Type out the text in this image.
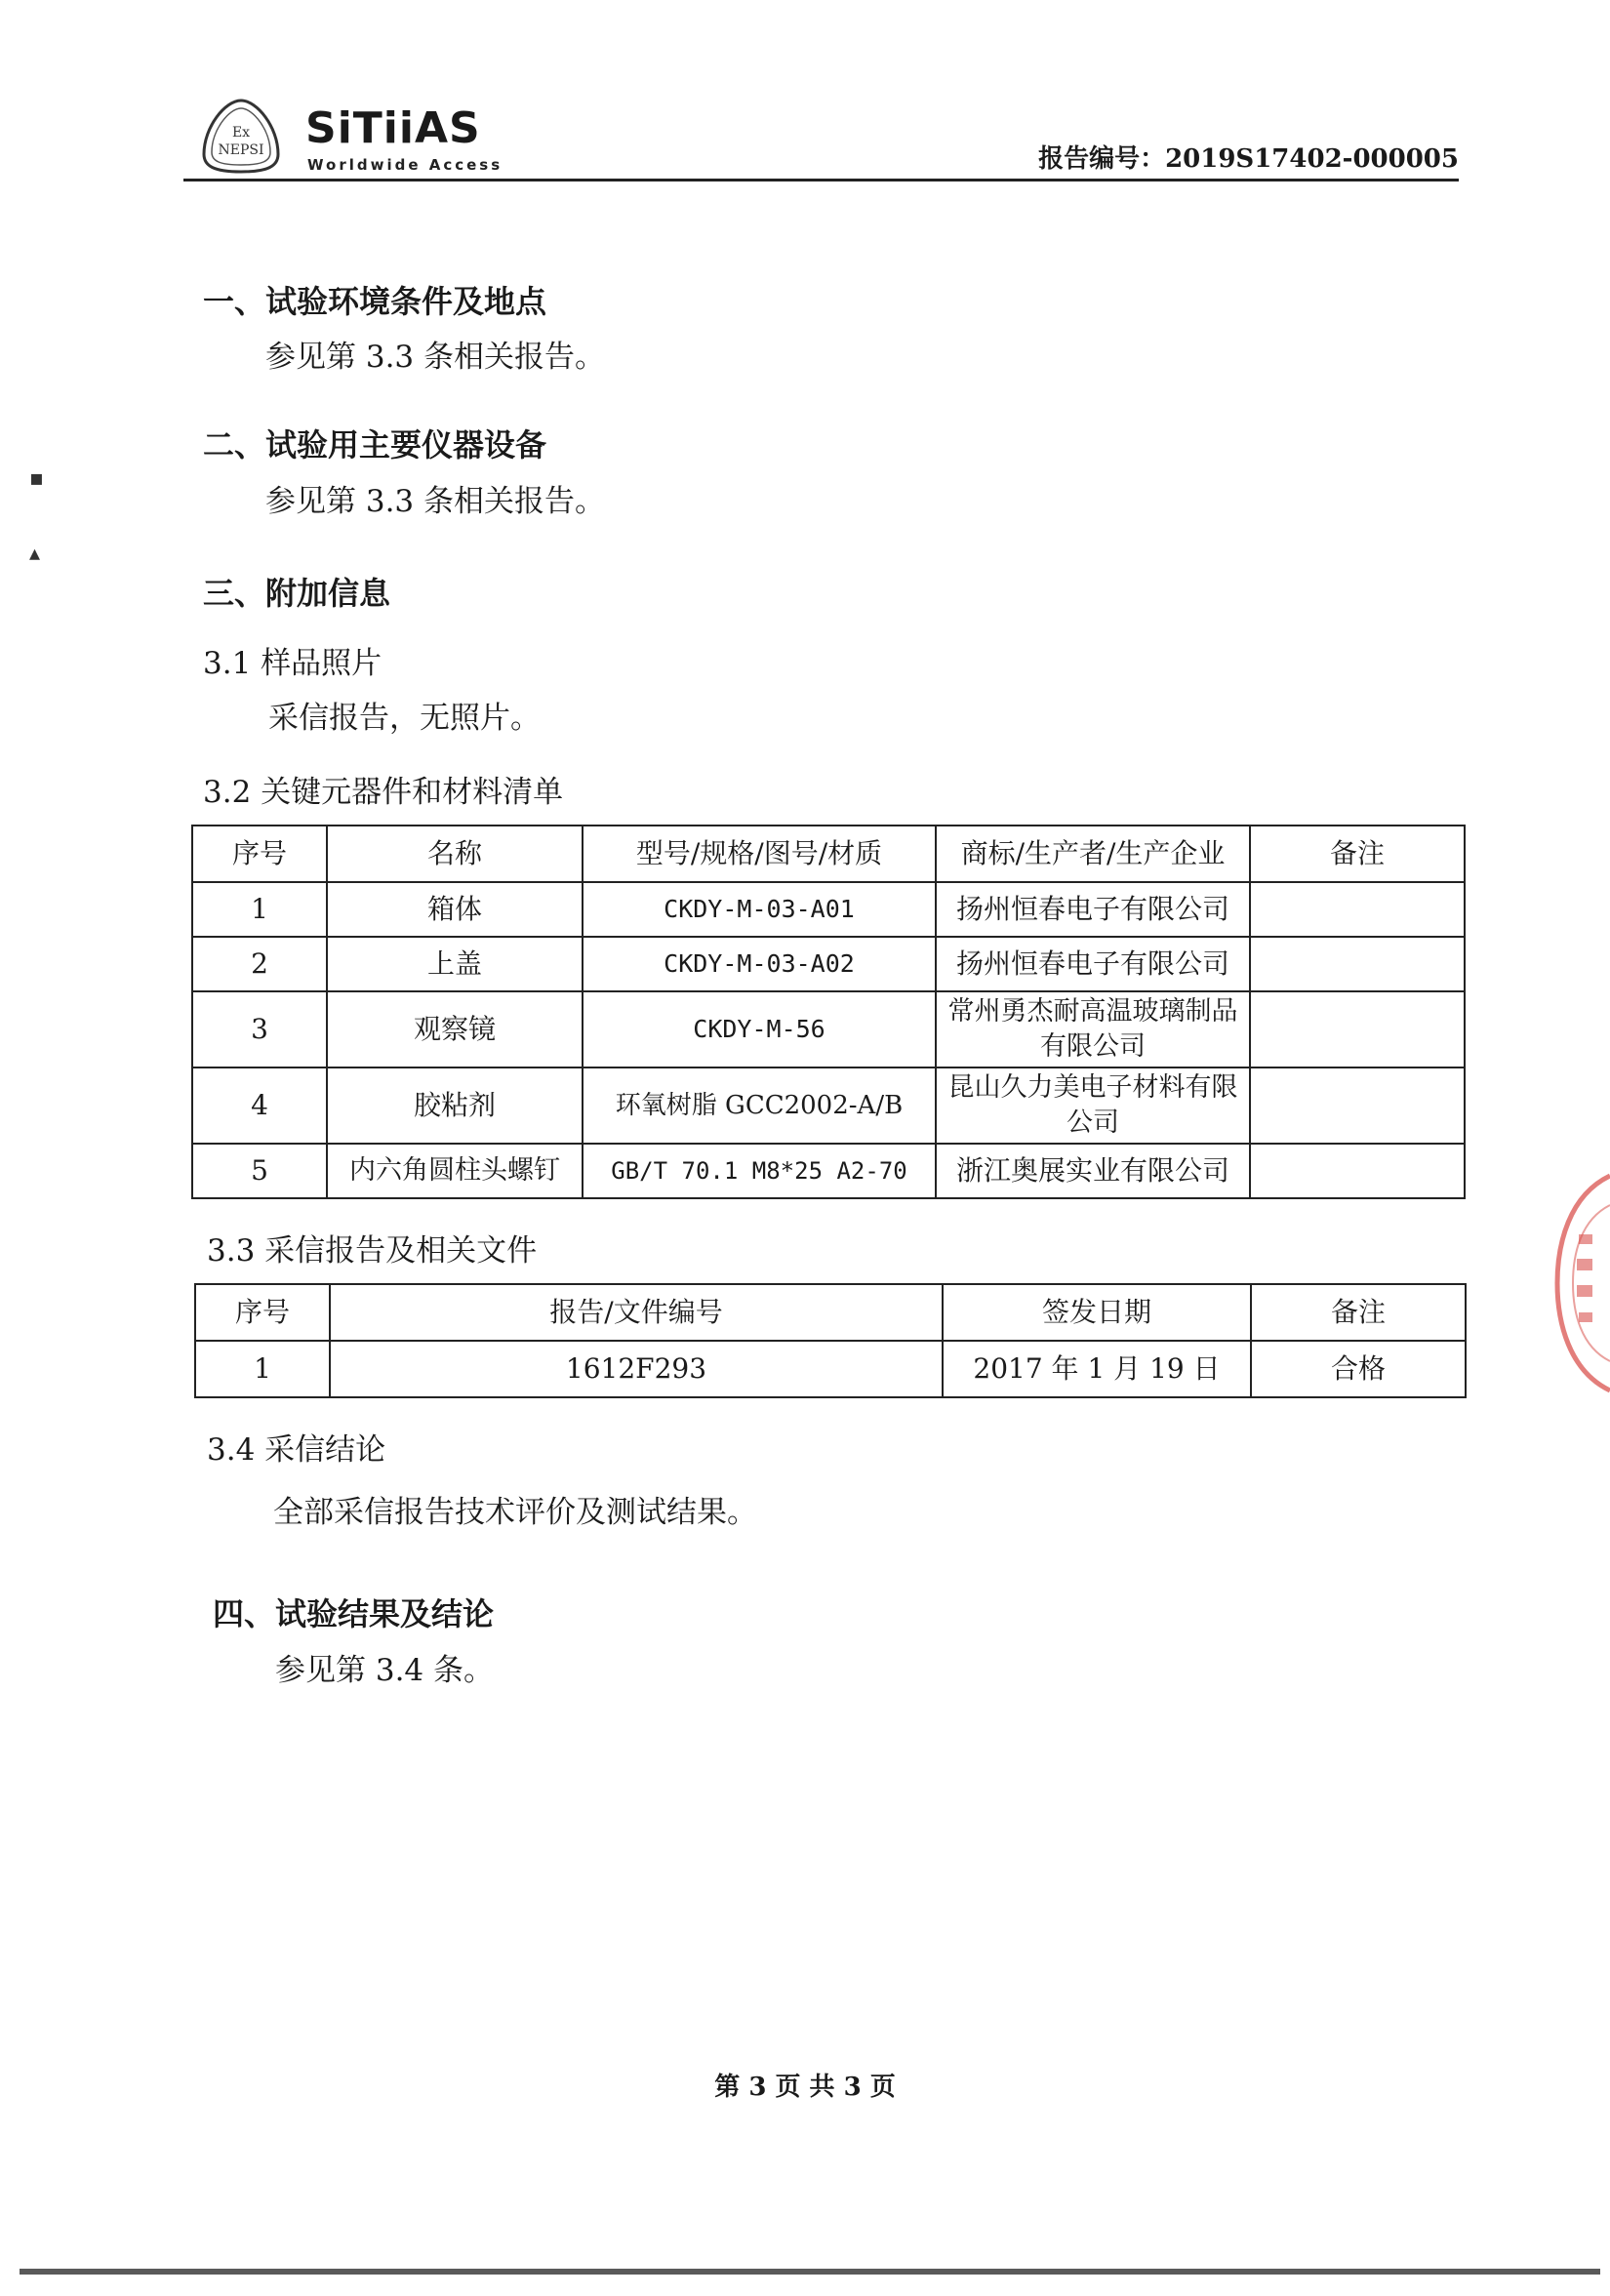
Ex
NEPSI SiTiiAS
Worldwide Access	报告编号：2019S17402-000005
▪
▴
一、试验环境条件及地点
参见第 3.3 条相关报告。
二、试验用主要仪器设备
参见第 3.3 条相关报告。
三、附加信息
3.1 样品照片
采信报告，无照片。
3.2 关键元器件和材料清单
序号	名称	型号/规格/图号/材质	商标/生产者/生产企业	备注
1	箱体	CKDY-M-03-A01	扬州恒春电子有限公司	
2	上盖	CKDY-M-03-A02	扬州恒春电子有限公司	
3	观察镜	CKDY-M-56	常州勇杰耐高温玻璃制品有限公司	
4	胶粘剂	环氧树脂 GCC2002-A/B	昆山久力美电子材料有限公司	
5	内六角圆柱头螺钉	GB/T 70.1 M8*25 A2-70	浙江奥展实业有限公司	
3.3 采信报告及相关文件
序号	报告/文件编号	签发日期	备注
1	1612F293	2017 年 1 月 19 日	合格
3.4 采信结论
全部采信报告技术评价及测试结果。
四、试验结果及结论
参见第 3.4 条。
第 3 页 共 3 页
